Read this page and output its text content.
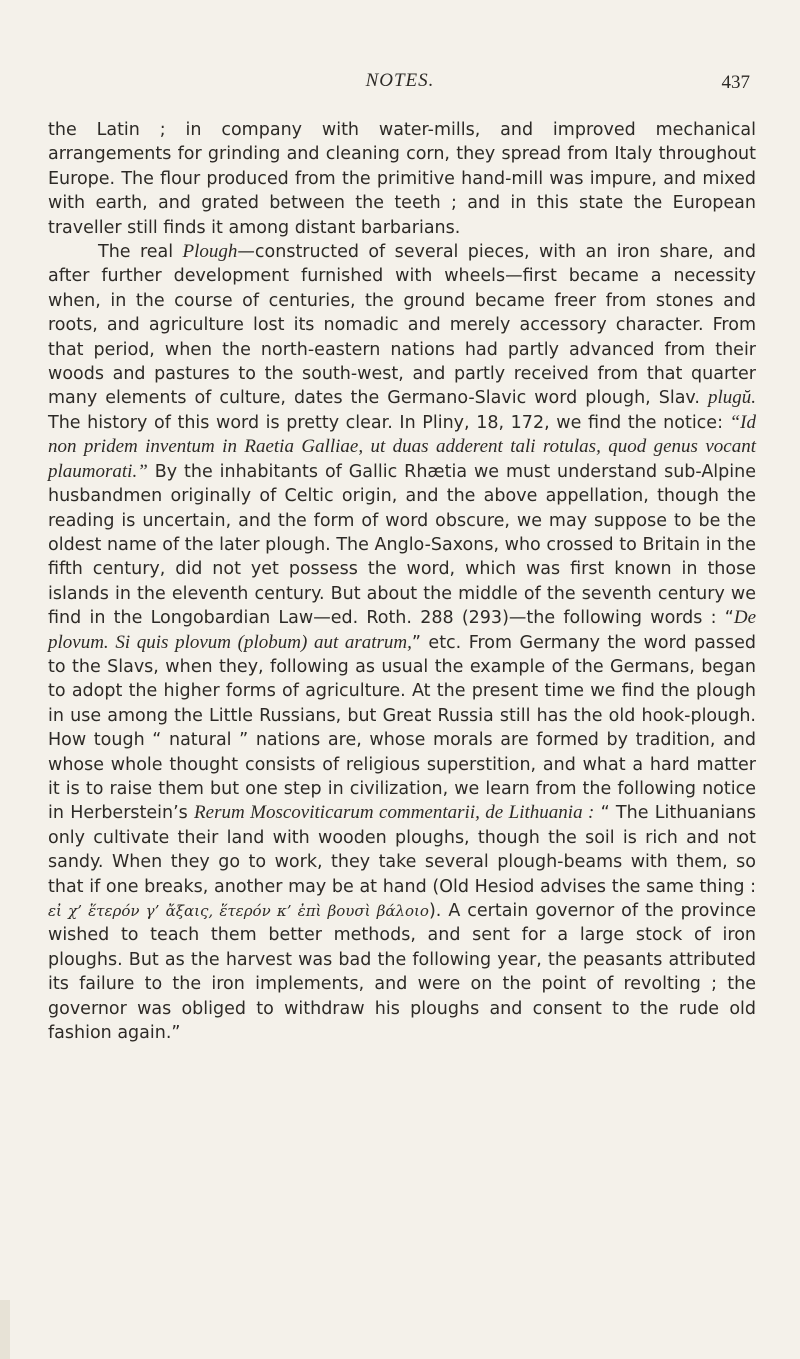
NOTES.	437

the Latin ; in company with water-mills, and improved mechanical arrangements for grinding and cleaning corn, they spread from Italy throughout Europe. The flour produced from the primitive hand-mill was impure, and mixed with earth, and grated between the teeth ; and in this state the European traveller still finds it among distant barbarians.

The real Plough—constructed of several pieces, with an iron share, and after further development furnished with wheels—first became a necessity when, in the course of centuries, the ground became freer from stones and roots, and agriculture lost its nomadic and merely accessory character. From that period, when the north-eastern nations had partly advanced from their woods and pastures to the south-west, and partly received from that quarter many elements of culture, dates the Germano-Slavic word plough, Slav. plugŭ. The history of this word is pretty clear. In Pliny, 18, 172, we find the notice: “Id non pridem inventum in Raetia Galliae, ut duas adderent tali rotulas, quod genus vocant plaumorati.” By the inhabitants of Gallic Rhætia we must understand sub-Alpine husbandmen originally of Celtic origin, and the above appellation, though the reading is uncertain, and the form of word obscure, we may suppose to be the oldest name of the later plough. The Anglo-Saxons, who crossed to Britain in the fifth century, did not yet possess the word, which was first known in those islands in the eleventh century. But about the middle of the seventh century we find in the Longobardian Law—ed. Roth. 288 (293)—the following words : “De plovum. Si quis plovum (plobum) aut aratrum,” etc. From Germany the word passed to the Slavs, when they, following as usual the example of the Germans, began to adopt the higher forms of agriculture. At the present time we find the plough in use among the Little Russians, but Great Russia still has the old hook-plough. How tough “ natural ” nations are, whose morals are formed by tradition, and whose whole thought consists of religious superstition, and what a hard matter it is to raise them but one step in civilization, we learn from the following notice in Herberstein’s Rerum Moscoviticarum commentarii, de Lithuania : “ The Lithuanians only cultivate their land with wooden ploughs, though the soil is rich and not sandy. When they go to work, they take several plough-beams with them, so that if one breaks, another may be at hand (Old Hesiod advises the same thing : εἰ χ’ ἕτερόν γ’ ἄξαις, ἕτερόν κ’ ἐπὶ βουσὶ βάλοιο). A certain governor of the province wished to teach them better methods, and sent for a large stock of iron ploughs. But as the harvest was bad the following year, the peasants attributed its failure to the iron implements, and were on the point of revolting ; the governor was obliged to withdraw his ploughs and consent to the rude old fashion again.”
